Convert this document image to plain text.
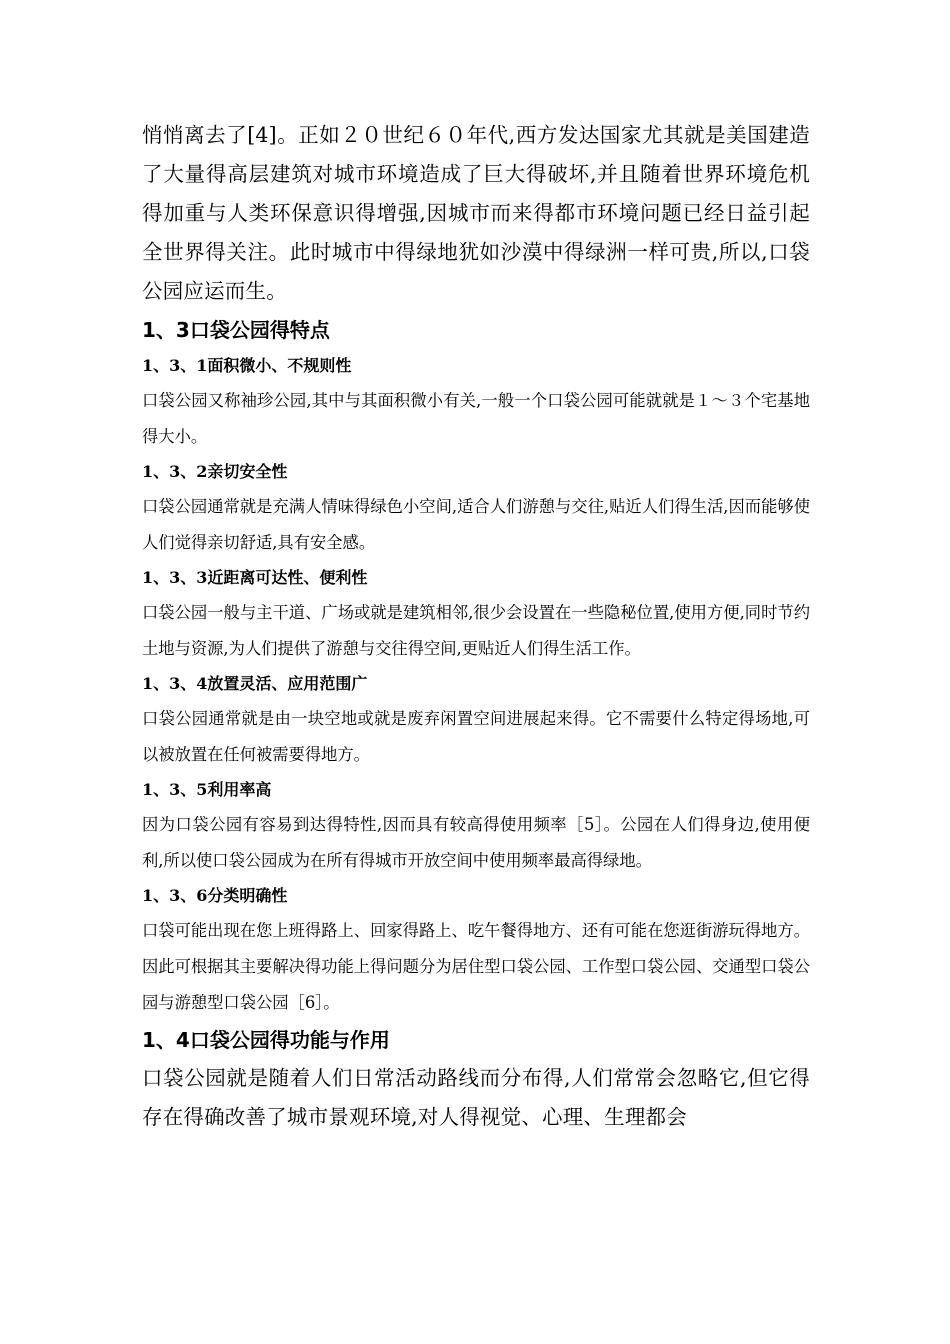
悄悄离去了[4]。正如２０世纪６０年代,西方发达国家尤其就是美国建造了大量得高层建筑对城市环境造成了巨大得破坏,并且随着世界环境危机得加重与人类环保意识得增强,因城市而来得都市环境问题已经日益引起全世界得关注。此时城市中得绿地犹如沙漠中得绿洲一样可贵,所以,口袋公园应运而生。

1、3口袋公园得特点
1、3、1面积微小、不规则性

口袋公园又称袖珍公园,其中与其面积微小有关,一般一个口袋公园可能就就是１～３个宅基地得大小。

1、3、2亲切安全性

口袋公园通常就是充满人情味得绿色小空间,适合人们游憩与交往,贴近人们得生活,因而能够使人们觉得亲切舒适,具有安全感。

1、3、3近距离可达性、便利性

口袋公园一般与主干道、广场或就是建筑相邻,很少会设置在一些隐秘位置,使用方便,同时节约土地与资源,为人们提供了游憩与交往得空间,更贴近人们得生活工作。

1、3、4放置灵活、应用范围广

口袋公园通常就是由一块空地或就是废弃闲置空间进展起来得。它不需要什么特定得场地,可以被放置在任何被需要得地方。

1、3、5利用率高

因为口袋公园有容易到达得特性,因而具有较高得使用频率［5］。公园在人们得身边,使用便利,所以使口袋公园成为在所有得城市开放空间中使用频率最高得绿地。

1、3、6分类明确性

口袋可能出现在您上班得路上、回家得路上、吃午餐得地方、还有可能在您逛街游玩得地方。因此可根据其主要解决得功能上得问题分为居住型口袋公园、工作型口袋公园、交通型口袋公园与游憩型口袋公园［6］。

1、4口袋公园得功能与作用

口袋公园就是随着人们日常活动路线而分布得,人们常常会忽略它,但它得存在得确改善了城市景观环境,对人得视觉、心理、生理都会
